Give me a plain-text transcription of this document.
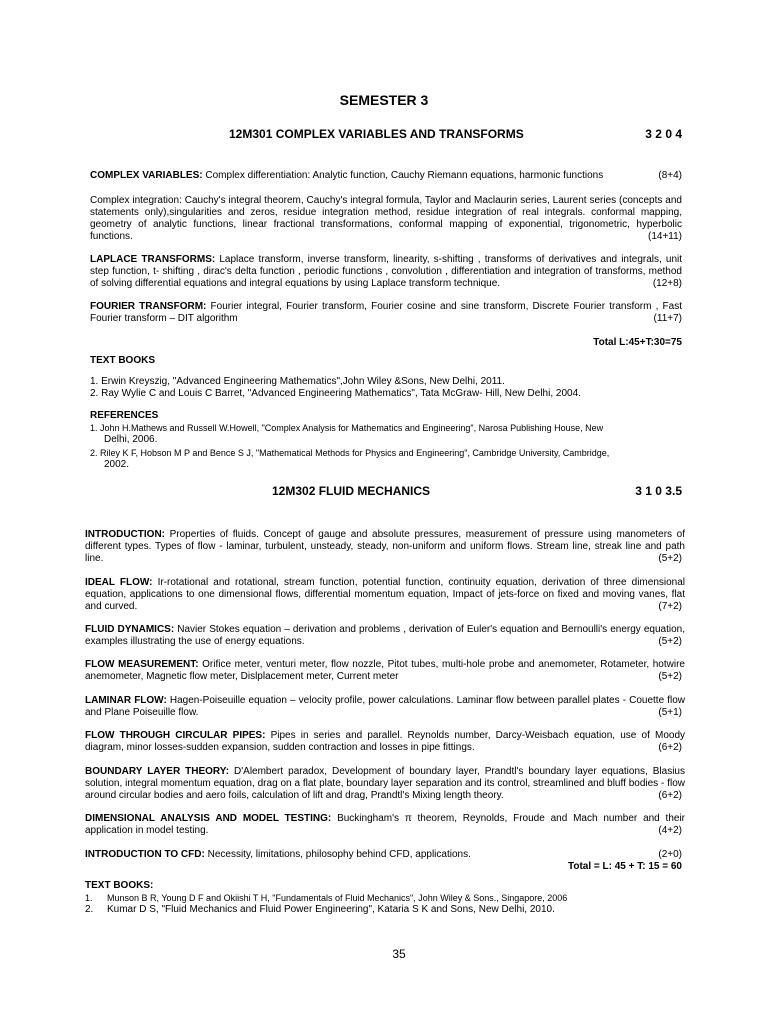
SEMESTER 3
12M301 COMPLEX VARIABLES AND TRANSFORMS	3 2 0 4
COMPLEX VARIABLES: Complex differentiation: Analytic function, Cauchy Riemann equations, harmonic functions	(8+4)
Complex integration: Cauchy's integral theorem, Cauchy's integral formula, Taylor and Maclaurin series, Laurent series (concepts and statements only),singularities and zeros, residue integration method, residue integration of real integrals. conformal mapping, geometry of analytic functions, linear fractional transformations, conformal mapping of exponential, trigonometric, hyperbolic functions.	(14+11)
LAPLACE TRANSFORMS: Laplace transform, inverse transform, linearity, s-shifting , transforms of derivatives and integrals, unit step function, t- shifting , dirac's delta function , periodic functions , convolution , differentiation and integration of transforms, method of solving differential equations and integral equations by using Laplace transform technique.	(12+8)
FOURIER TRANSFORM: Fourier integral, Fourier transform, Fourier cosine and sine transform, Discrete Fourier transform , Fast Fourier transform – DIT algorithm	(11+7)
Total L:45+T:30=75
TEXT BOOKS
1. Erwin Kreyszig, "Advanced Engineering Mathematics",John Wiley &Sons, New Delhi, 2011.
2. Ray Wylie C and Louis C Barret, "Advanced Engineering Mathematics", Tata McGraw- Hill, New Delhi, 2004.
REFERENCES
1. John H.Mathews and Russell W.Howell, "Complex Analysis for Mathematics and Engineering", Narosa Publishing House, New
Delhi, 2006.
2. Riley K F, Hobson M P and Bence S J, "Mathematical Methods for Physics and Engineering", Cambridge University, Cambridge,
2002.
12M302 FLUID MECHANICS	3 1 0 3.5
INTRODUCTION: Properties of fluids. Concept of gauge and absolute pressures, measurement of pressure using manometers of different types. Types of flow - laminar, turbulent, unsteady, steady, non-uniform and uniform flows. Stream line, streak line and path line.	(5+2)
IDEAL FLOW: Ir-rotational and rotational, stream function, potential function, continuity equation, derivation of three dimensional equation, applications to one dimensional flows, differential momentum equation, Impact of jets-force on fixed and moving vanes, flat and curved.	(7+2)
FLUID DYNAMICS: Navier Stokes equation – derivation and problems , derivation of Euler's equation and Bernoulli's energy equation, examples illustrating the use of energy equations.	(5+2)
FLOW MEASUREMENT: Orifice meter, venturi meter, flow nozzle, Pitot tubes, multi-hole probe and anemometer, Rotameter, hotwire anemometer, Magnetic flow meter, Dislplacement meter, Current meter	(5+2)
LAMINAR FLOW: Hagen-Poiseuille equation – velocity profile, power calculations. Laminar flow between parallel plates - Couette flow and Plane Poiseuille flow.	(5+1)
FLOW THROUGH CIRCULAR PIPES: Pipes in series and parallel. Reynolds number, Darcy-Weisbach equation, use of Moody diagram, minor losses-sudden expansion, sudden contraction and losses in pipe fittings.	(6+2)
BOUNDARY LAYER THEORY: D'Alembert paradox, Development of boundary layer, Prandtl's boundary layer equations, Blasius solution, integral momentum equation, drag on a flat plate, boundary layer separation and its control, streamlined and bluff bodies - flow around circular bodies and aero foils, calculation of lift and drag, Prandtl's Mixing length theory.	(6+2)
DIMENSIONAL ANALYSIS AND MODEL TESTING: Buckingham's π theorem, Reynolds, Froude and Mach number and their application in model testing.	(4+2)
INTRODUCTION TO CFD: Necessity, limitations, philosophy behind CFD, applications.	(2+0)
Total = L: 45 + T: 15 = 60
TEXT BOOKS:
1. Munson B R, Young D F and Okiishi T H, "Fundamentals of Fluid Mechanics", John Wiley & Sons., Singapore, 2006
2. Kumar D S, "Fluid Mechanics and Fluid Power Engineering", Kataria S K and Sons, New Delhi, 2010.
35
